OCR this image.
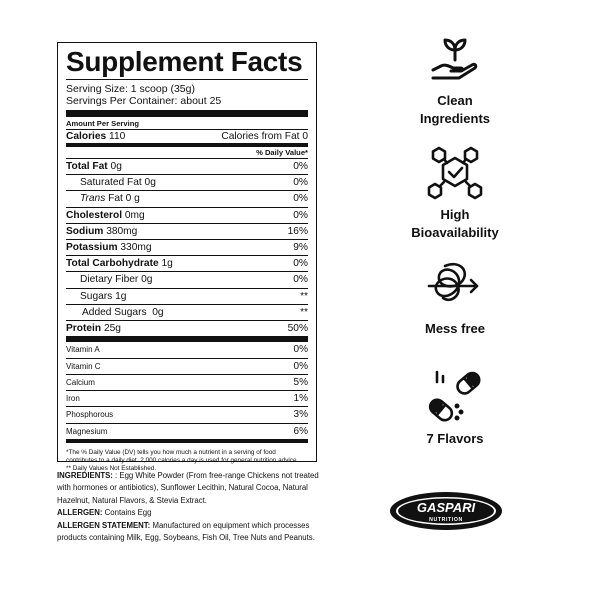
Supplement Facts
Serving Size: 1 scoop (35g)
Servings Per Container: about 25
Amount Per Serving
Calories 110	Calories from Fat 0
% Daily Value*
Total Fat 0g	0%
Saturated Fat 0g	0%
Trans Fat 0 g	0%
Cholesterol 0mg	0%
Sodium 380mg	16%
Potassium 330mg	9%
Total Carbohydrate 1g	0%
Dietary Fiber 0g	0%
Sugars 1g	**
Added Sugars  0g	**
Protein 25g	50%
Vitamin A	0%
Vitamin C	0%
Calcium	5%
Iron	1%
Phosphorous	3%
Magnesium	6%
*The % Daily Value (DV) tells you how much a nutrient in a serving of food contributes to a daily diet. 2,000 calories a day is used for general nutrition advice.
** Daily Values Not Established.
INGREDIENTS: : Egg White Powder (From free-range Chickens not treated with hormones or antibiotics), Sunflower Lecithin, Natural Cocoa, Natural Hazelnut, Natural Flavors, & Stevia Extract.
ALLERGEN: Contains Egg
ALLERGEN STATEMENT: Manufactured on equipment which processes products containing Milk, Egg, Soybeans, Fish Oil, Tree Nuts and Peanuts.
Clean
Ingredients
High
Bioavailability
Mess free
7 Flavors
GASPARI
NUTRITION
